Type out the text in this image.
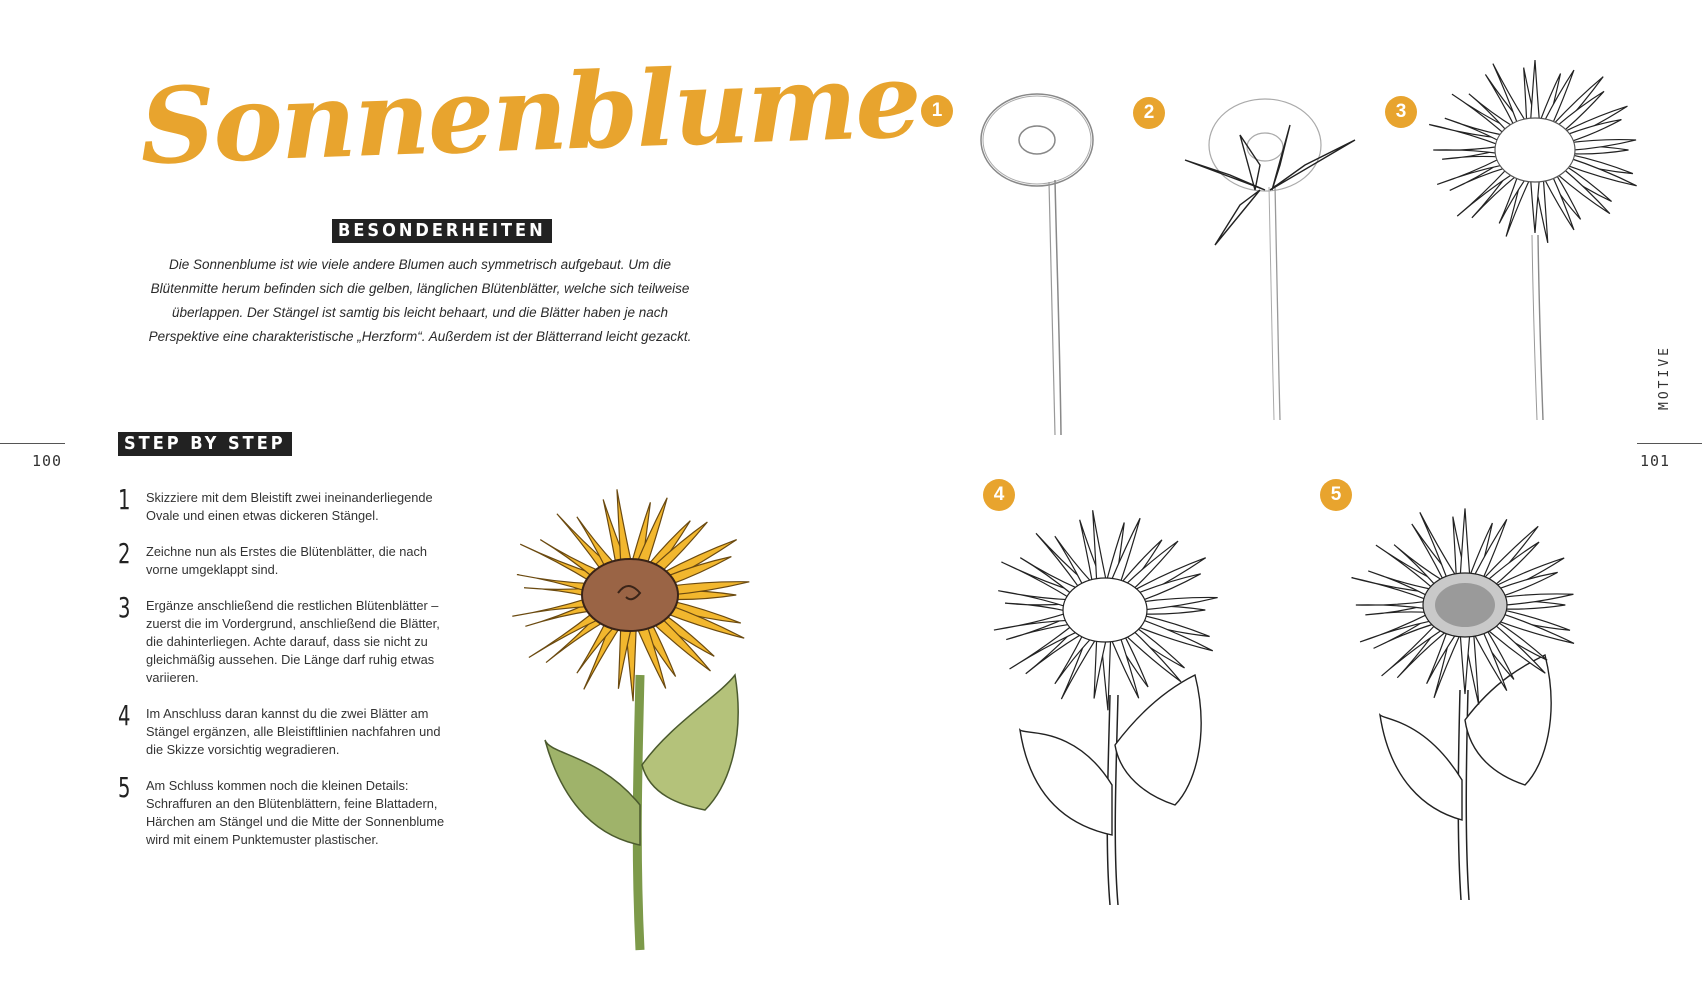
Sonnenblume
BESONDERHEITEN
Die Sonnenblume ist wie viele andere Blumen auch symmetrisch aufgebaut. Um die Blütenmitte herum befinden sich die gelben, länglichen Blütenblätter, welche sich teilweise überlappen. Der Stängel ist samtig bis leicht behaart, und die Blätter haben je nach Perspektive eine charakteristische „Herzform“. Außerdem ist der Blätterrand leicht gezackt.
100
STEP BY STEP
1 Skizziere mit dem Bleistift zwei ineinanderliegende Ovale und einen etwas dickeren Stängel.
2 Zeichne nun als Erstes die Blütenblätter, die nach vorne umgeklappt sind.
3 Ergänze anschließend die restlichen Blütenblätter – zuerst die im Vordergrund, anschließend die Blätter, die dahinterliegen. Achte darauf, dass sie nicht zu gleichmäßig aussehen. Die Länge darf ruhig etwas variieren.
4 Im Anschluss daran kannst du die zwei Blätter am Stängel ergänzen, alle Bleistiftlinien nachfahren und die Skizze vorsichtig wegradieren.
5 Am Schluss kommen noch die kleinen Details: Schraffuren an den Blütenblättern, feine Blattadern, Härchen am Stängel und die Mitte der Sonnenblume wird mit einem Punktemuster plastischer.
1	2	3
4	5
101
MOTIVE
